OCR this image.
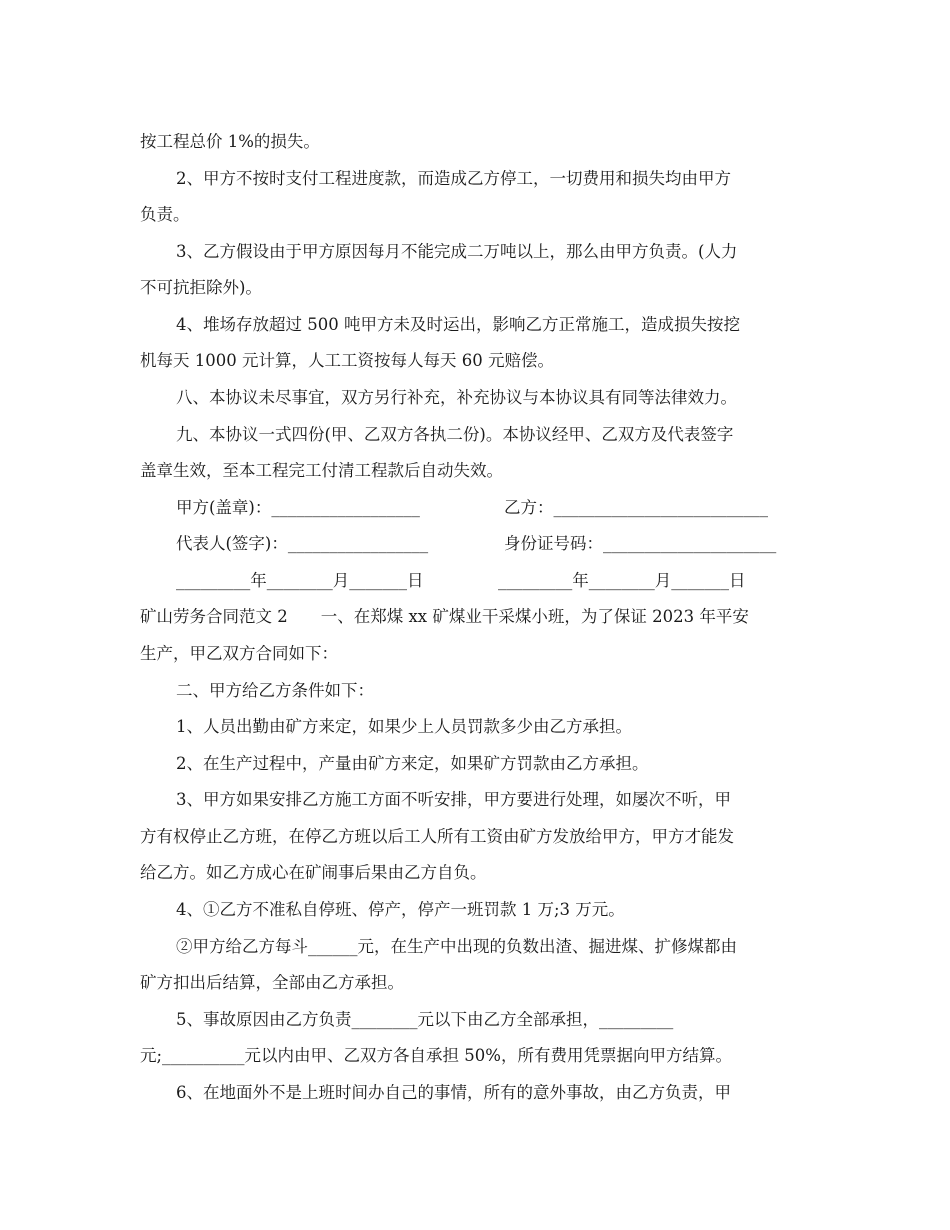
按工程总价 1%的损失。
2、甲方不按时支付工程进度款，而造成乙方停工，一切费用和损失均由甲方
负责。
3、乙方假设由于甲方原因每月不能完成二万吨以上，那么由甲方负责。(人力
不可抗拒除外)。
4、堆场存放超过 500 吨甲方未及时运出，影响乙方正常施工，造成损失按挖
机每天 1000 元计算，人工工资按每人每天 60 元赔偿。
八、本协议未尽事宜，双方另行补充，补充协议与本协议具有同等法律效力。
九、本协议一式四份(甲、乙双方各执二份)。本协议经甲、乙双方及代表签字
盖章生效，至本工程完工付清工程款后自动失效。
甲方(盖章)：__________________	乙方：__________________________
代表人(签字)：_________________	身份证号码：_____________________
_________年________月_______日	_________年________月_______日
矿山劳务合同范文 2　　一、在郑煤 xx 矿煤业干采煤小班，为了保证 2023 年平安
生产，甲乙双方合同如下：
二、甲方给乙方条件如下：
1、人员出勤由矿方来定，如果少上人员罚款多少由乙方承担。
2、在生产过程中，产量由矿方来定，如果矿方罚款由乙方承担。
3、甲方如果安排乙方施工方面不听安排，甲方要进行处理，如屡次不听，甲
方有权停止乙方班，在停乙方班以后工人所有工资由矿方发放给甲方，甲方才能发
给乙方。如乙方成心在矿闹事后果由乙方自负。
4、①乙方不准私自停班、停产，停产一班罚款 1 万;3 万元。
②甲方给乙方每斗______元，在生产中出现的负数出渣、掘进煤、扩修煤都由
矿方扣出后结算，全部由乙方承担。
5、事故原因由乙方负责________元以下由乙方全部承担，_________
元;__________元以内由甲、乙双方各自承担 50%，所有费用凭票据向甲方结算。
6、在地面外不是上班时间办自己的事情，所有的意外事故，由乙方负责，甲
